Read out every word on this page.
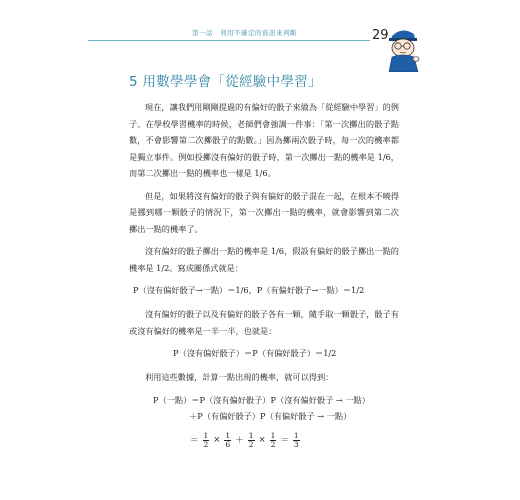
第一話　利用不確定的資訊來判斷	29
5 用數學學會「從經驗中學習」

現在，讓我們用剛剛提過的有偏好的骰子來做為「從經驗中學習」的例子。在學校學習機率的時候，老師們會強調一件事：「第一次擲出的骰子點數，不會影響第二次擲骰子的點數。」因為擲兩次骰子時，每一次的機率都是獨立事件。例如投擲沒有偏好的骰子時，第一次擲出一點的機率是 1/6，而第二次擲出一點的機率也一樣是 1/6。

但是，如果將沒有偏好的骰子與有偏好的骰子混在一起，在根本不曉得是挪到哪一顆骰子的情況下，第一次擲出一點的機率，就會影響到第二次擲出一點的機率了。

沒有偏好的骰子擲出一點的機率是 1/6，假設有偏好的骰子擲出一點的機率是 1/2。寫成關係式就是：

P（沒有偏好骰子→一點）＝1/6，P（有偏好骰子→一點）＝1/2

沒有偏好的骰子以及有偏好的骰子各有一顆，隨手取一顆骰子，骰子有或沒有偏好的機率是一半一半，也就是：

P（沒有偏好骰子）＝P（有偏好骰子）＝1/2

利用這些數據，計算一點出現的機率，就可以得到：

P（一點）＝P（沒有偏好骰子）P（沒有偏好骰子 → 一點）
＋P（有偏好骰子）P（有偏好骰子 → 一點）
＝ $\frac{1}{2} \times \frac{1}{6} + \frac{1}{2} \times \frac{1}{2} = \frac{1}{3}$
